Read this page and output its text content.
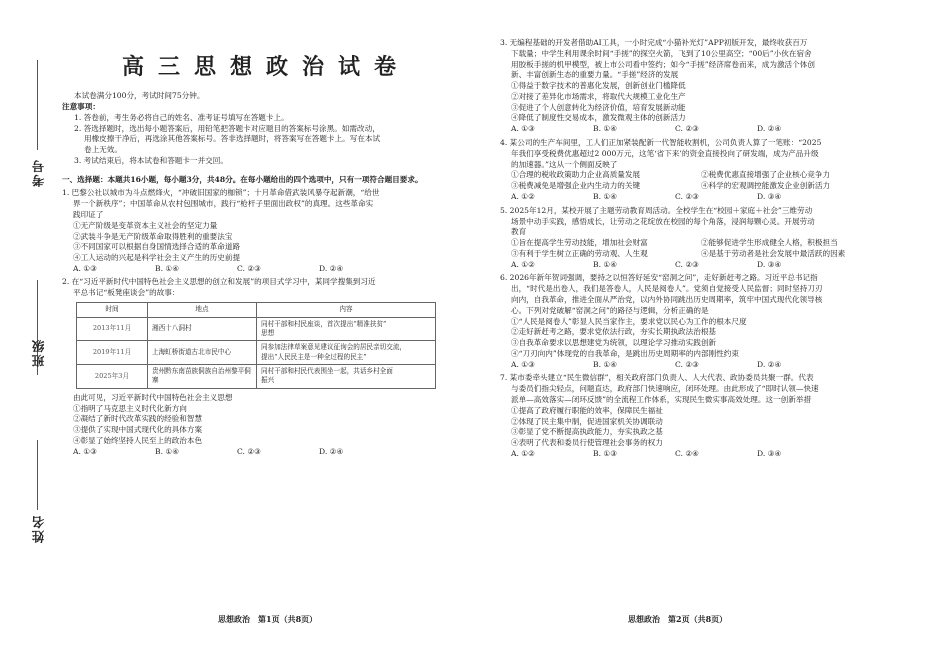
考号
班级
姓名
高三思想政治试卷

本试卷满分100分，考试时间75分钟。

注意事项：

1. 答卷前，考生务必将自己的姓名、准考证号填写在答题卡上。

2. 答选择题时，选出每小题答案后，用铅笔把答题卡对应题目的答案标号涂黑。如需改动，

用橡皮擦干净后，再选涂其他答案标号。答非选择题时，将答案写在答题卡上。写在本试

卷上无效。

3. 考试结束后，将本试卷和答题卡一并交回。

一、选择题：本题共16小题，每小题3分，共48分。在每小题给出的四个选项中，只有一项符合题目要求。

1. 巴黎公社以城市为斗点燃烽火，“冲破旧国家的枷锁”；十月革命借武装风暴夺起新潮，“给世

界一个新秩序”；中国革命从农村包围城市，践行“枪杆子里面出政权”的真理。这些革命实

践印证了

①无产阶级是变革资本主义社会的坚定力量

②武装斗争是无产阶级革命取得胜利的重要法宝

③不同国家可以根据自身国情选择合适的革命道路

④工人运动的兴起是科学社会主义产生的历史前提

A. ①③	B. ①④	C. ②③	D. ②④

2. 在“习近平新时代中国特色社会主义思想的创立和发展”的项目式学习中，某同学搜集到习近

平总书记“板凳座谈会”的故事：

时间	地点	内容
2013年11月	湘西十八洞村	同村干部和村民座谈，首次提出“精准扶贫”
思想
2019年11月	上海虹桥街道古北市民中心	同参加法律草案意见建议征询会的居民亲切交流，
提出“人民民主是一种全过程的民主”
2025年3月	贵州黔东南苗族侗族自治州黎平侗寨	同村干部和村民代表围坐一起，共话乡村全面
振兴

由此可见，习近平新时代中国特色社会主义思想

①指明了马克思主义时代化新方向

②凝结了新时代改革实践的经验和智慧

③提供了实现中国式现代化的具体方案

④彰显了始终坚持人民至上的政治本色

A. ①③	B. ①④	C. ②③	D. ②④
思想政治　第1页（共8页）

3. 无编程基础的开发者借助AI工具，一小时完成“小猫补光灯”APP初版开发，最终收获百万

下载量；中学生利用课余时间“手搓”的探空火箭，飞到了10公里高空；“00后”小伙在宿舍

用胶板手搓的机甲模型，被上市公司看中签约；如今“手搓”经济席卷而来，成为激活个体创

新、丰富创新生态的重要力量。“手搓”经济的发展

①得益于数字技术的普惠化发展，创新创业门槛降低

②对接了差异化市场需求，将取代大规模工业化生产

③促进了个人创意转化为经济价值，培育发展新动能

④降低了制度性交易成本，激发微观主体的创新活力

A. ①③	B. ①④	C. ②③	D. ②④

4. 某公司的生产车间里，工人们正加紧装配新一代智能收割机，公司负责人算了一笔账：“2025

年我们享受税费优惠超过2 000万元，这笔‘省下来’的资金直接投向了研发端，成为产品升级

的加速器。”这从一个侧面反映了

①合理的税收政策助力企业高质量发展	②税费优惠直接增强了企业核心竞争力
③税费减免是增强企业内生动力的关键	④科学的宏观调控能激发企业创新活力
A. ①②	B. ①④	C. ②③	D. ③④

5. 2025年12月，某校开展了主题劳动教育周活动。全校学生在“校园＋家庭＋社会”三维劳动

场景中动手实践，感悟成长，让劳动之花绽放在校园的每个角落，浸润每颗心灵。开展劳动

教育

①旨在提高学生劳动技能，增加社会财富	②能够促进学生形成健全人格，积极担当
③有利于学生树立正确的劳动观、人生观	④是基于劳动者是社会发展中最活跃的因素
A. ①②	B. ①④	C. ②③	D. ③④

6. 2026年新年贺词强调，要持之以恒答好延安“窑洞之问”，走好新赶考之路。习近平总书记指

出，“时代是出卷人，我们是答卷人，人民是阅卷人”。党须自觉接受人民监督；同时坚持刀刃

向内，自我革命，推进全面从严治党，以内外协同跳出历史周期率，筑牢中国式现代化领导核

心。下列对党破解“窑洞之问”的路径与逻辑，分析正确的是

①“人民是阅卷人”彰显人民当家作主，要求党以民心为工作的根本尺度

②走好新赶考之路，要求党依法行政，夯实长期执政法治根基

③自我革命要求以思想建党为统领，以理论学习推动实践创新

④“刀刃向内”体现党的自我革命，是跳出历史周期率的内部刚性约束

A. ①③	B. ①④	C. ②③	D. ②④

7. 某市委牵头建立“民生微信群”，相关政府部门负责人、人大代表、政协委员共聚一群。代表

与委员们指尖轻点，问题直达，政府部门快速响应，闭环处理。由此形成了“即时认领—快速

派单—高效落实—闭环反馈”的全流程工作体系，实现民生微实事高效处理。这一创新举措

①提高了政府履行职能的效率，保障民生福祉

②体现了民主集中制，促进国家机关协调联动

③彰显了党不断提高执政能力，夯实执政之基

④表明了代表和委员行使管理社会事务的权力

A. ①②	B. ①③	C. ②④	D. ③④
思想政治　第2页（共8页）
